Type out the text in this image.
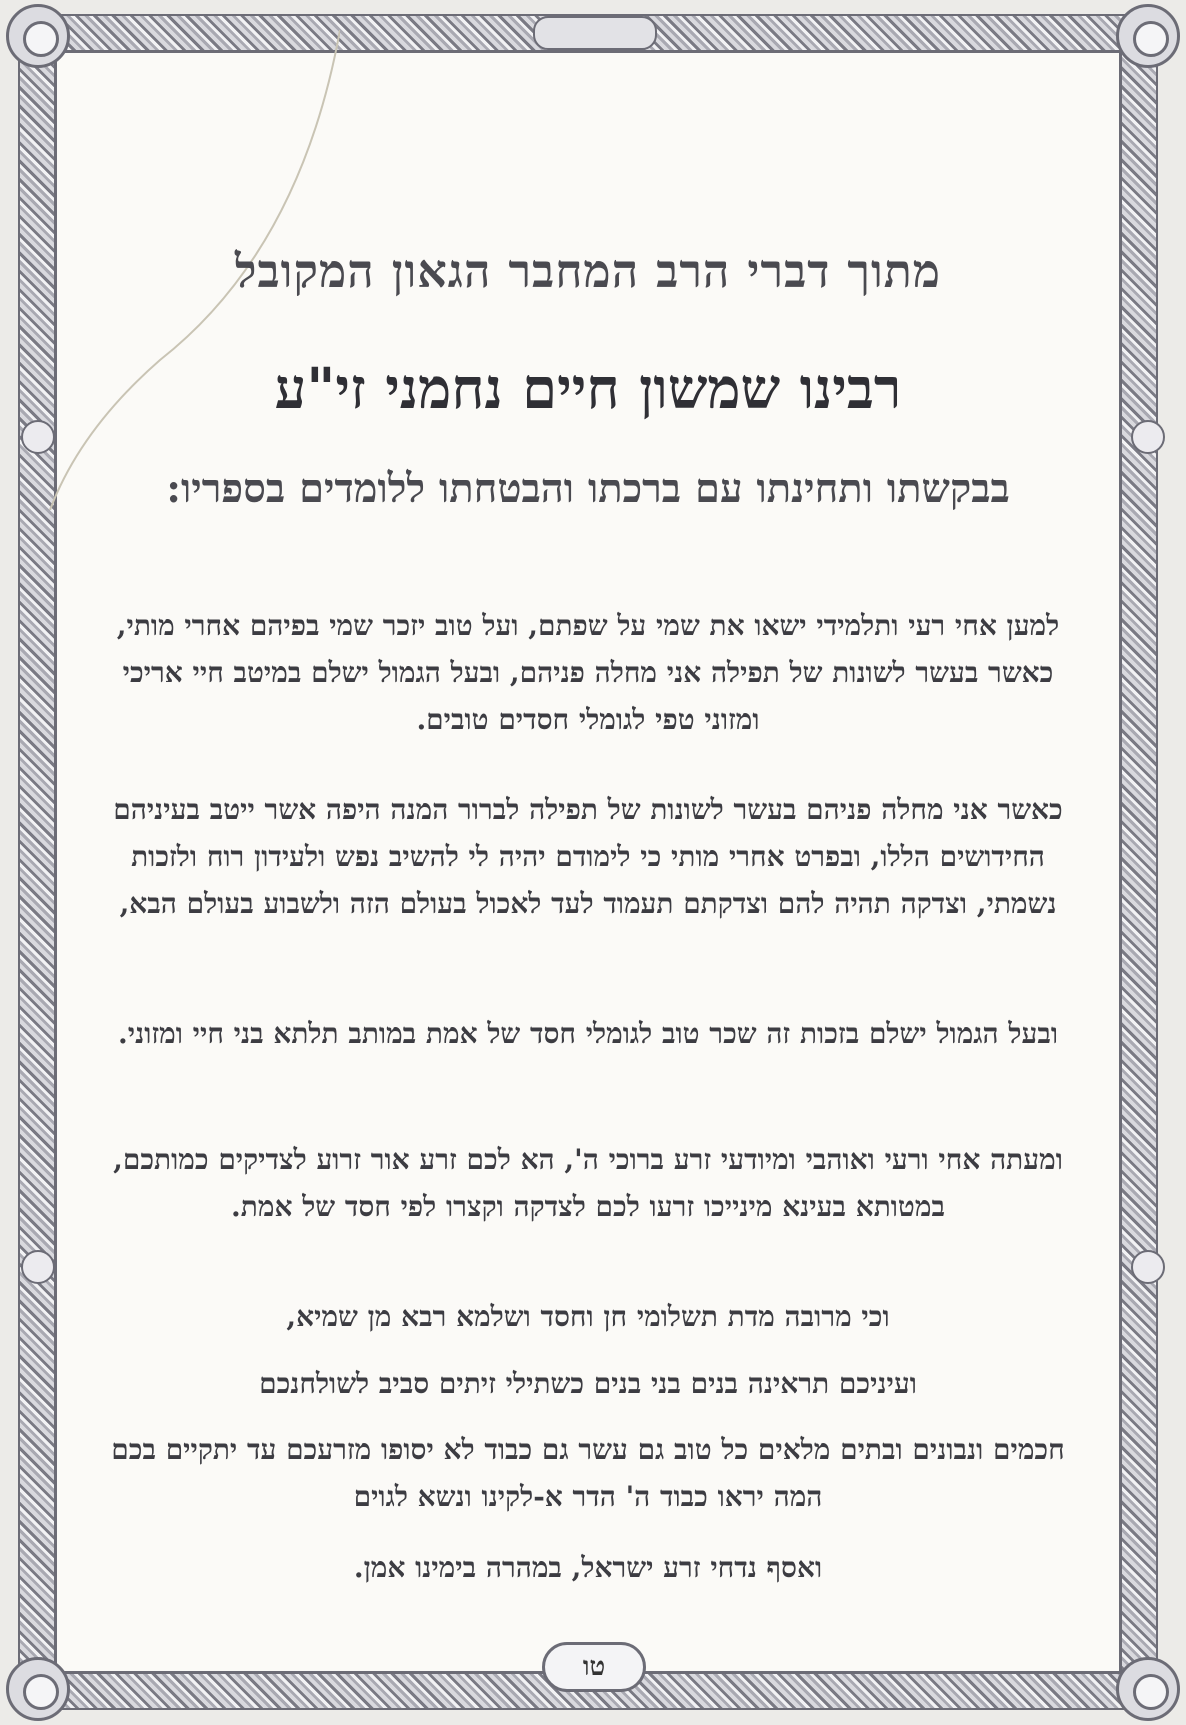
מתוך דברי הרב המחבר הגאון המקובל
רבינו שמשון חיים נחמני זי"ע
בבקשתו ותחינתו עם ברכתו והבטחתו ללומדים בספריו:
למען אחי רעי ותלמידי ישאו את שמי על שפתם, ועל טוב יזכר שמי בפיהם אחרי מותי, כאשר בעשר לשונות של תפילה אני מחלה פניהם, ובעל הגמול ישלם במיטב חיי אריכי ומזוני טפי לגומלי חסדים טובים.
כאשר אני מחלה פניהם בעשר לשונות של תפילה לברור המנה היפה אשר ייטב בעיניהם החידושים הללו, ובפרט אחרי מותי כי לימודם יהיה לי להשיב נפש ולעידון רוח ולזכות נשמתי, וצדקה תהיה להם וצדקתם תעמוד לעד לאכול בעולם הזה ולשבוע בעולם הבא,
ובעל הגמול ישלם בזכות זה שכר טוב לגומלי חסד של אמת במותב תלתא בני חיי ומזוני.
ומעתה אחי ורעי ואוהבי ומיודעי זרע ברוכי ה', הא לכם זרע אור זרוע לצדיקים כמותכם, במטותא בעינא מינייכו זרעו לכם לצדקה וקצרו לפי חסד של אמת.
וכי מרובה מדת תשלומי חן וחסד ושלמא רבא מן שמיא,
ועיניכם תראינה בנים בני בנים כשתילי זיתים סביב לשולחנכם
חכמים ונבונים ובתים מלאים כל טוב גם עשר גם כבוד לא יסופו מזרעכם עד יתקיים בכם המה יראו כבוד ה' הדר א-לקינו ונשא לגוים
ואסף נדחי זרע ישראל, במהרה בימינו אמן.
טו
